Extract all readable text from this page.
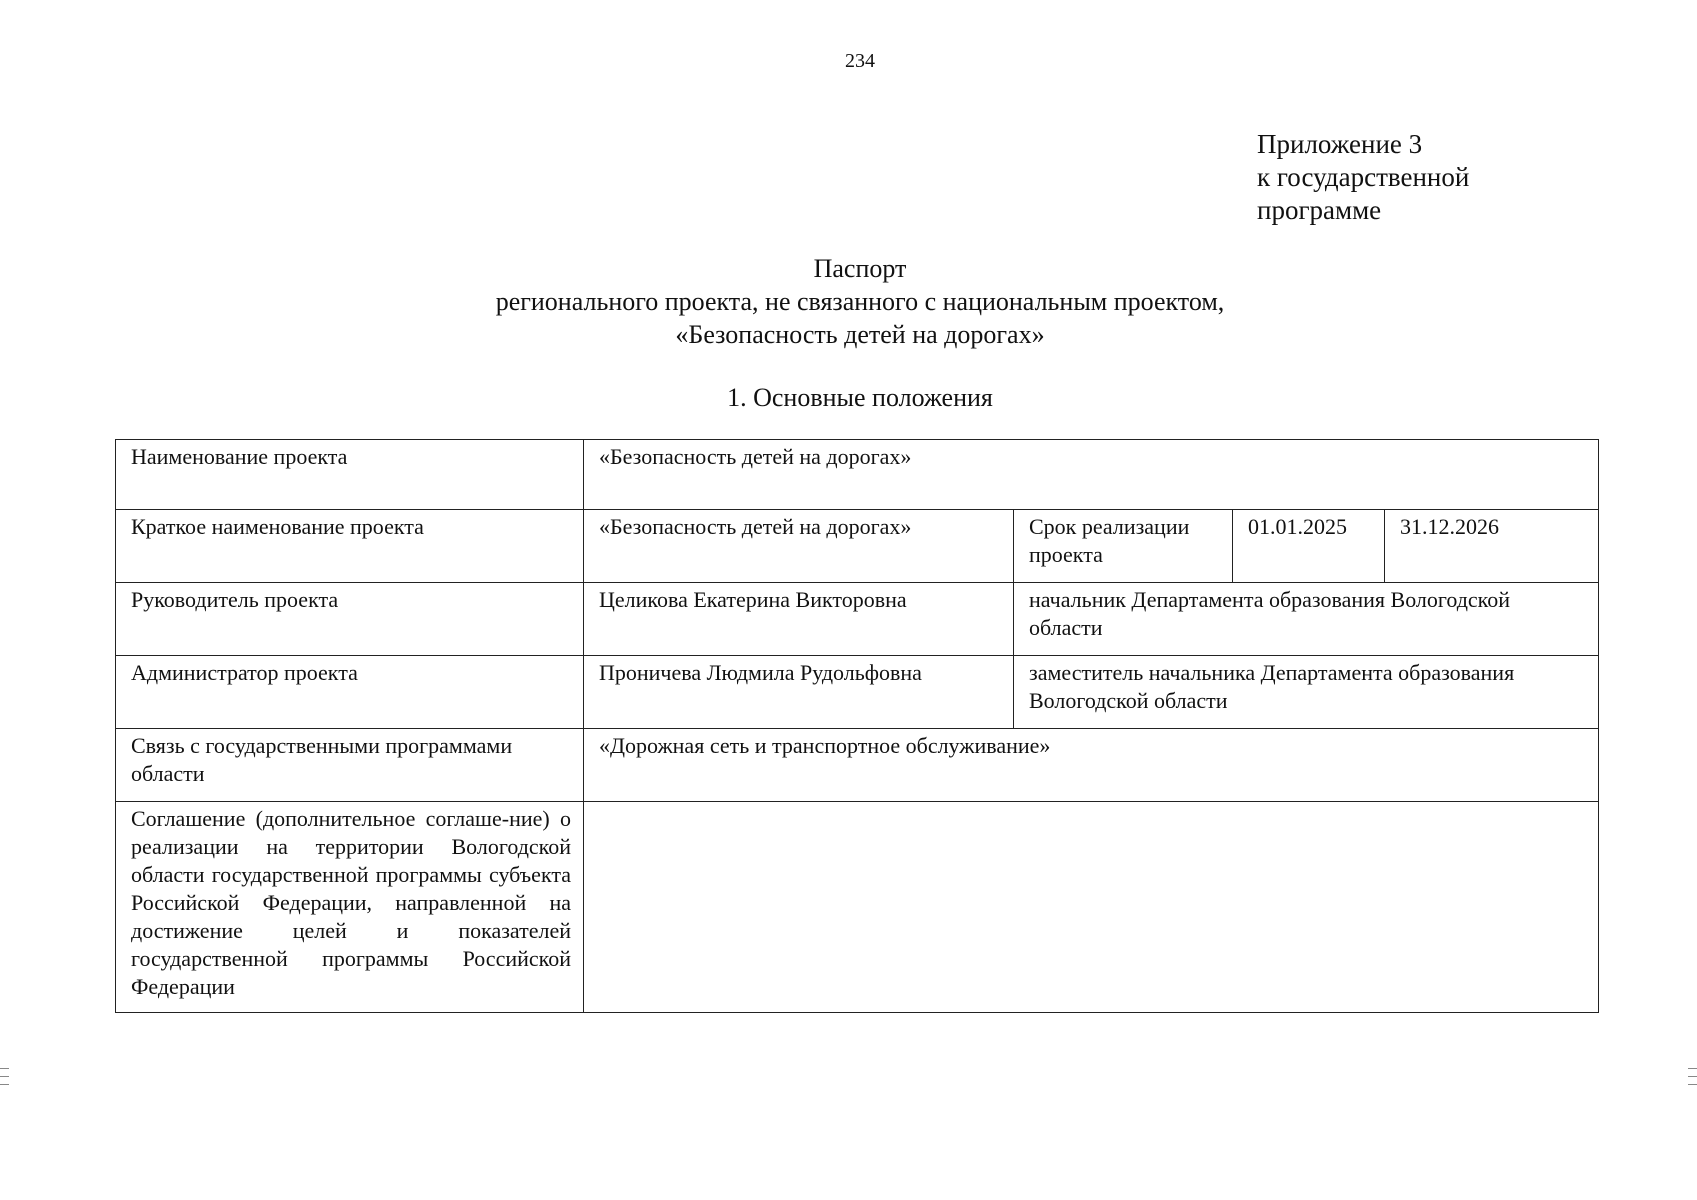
234
Приложение 3
к государственной
программе
Паспорт
регионального проекта, не связанного с национальным проектом,
«Безопасность детей на дорогах»
1. Основные положения
Наименование проекта	«Безопасность детей на дорогах»			
Краткое наименование проекта	«Безопасность детей на дорогах»	Срок реализации проекта	01.01.2025	31.12.2026
Руководитель проекта	Целикова Екатерина Викторовна	начальник Департамента образования Вологодской области		
Администратор проекта	Проничева Людмила Рудольфовна	заместитель начальника Департамента образования Вологодской области		
Связь с государственными программами области	«Дорожная сеть и транспортное обслуживание»			
Соглашение (дополнительное соглаше-ние) о реализации на территории Вологодской области государственной программы субъекта Российской Федерации, направленной на достижение целей и показателей государственной программы Российской Федерации				
